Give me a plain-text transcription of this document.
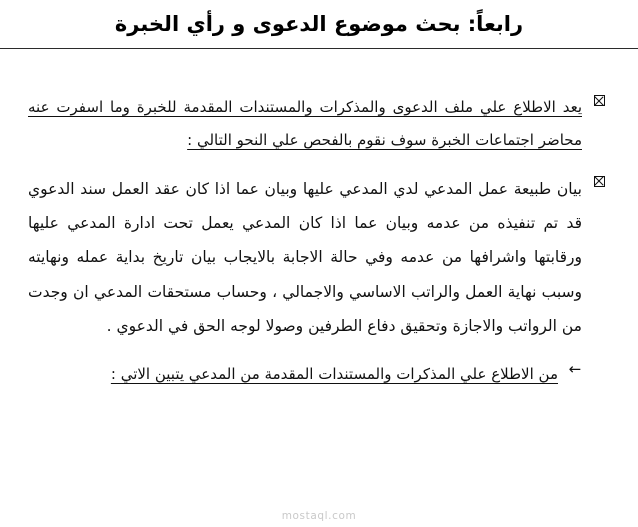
رابعاً: بحث موضوع الدعوى و رأي الخبرة
يعد الاطلاع علي ملف الدعوى والمذكرات والمستندات المقدمة للخبرة وما اسفرت عنه محاضر اجتماعات الخبرة سوف نقوم بالفحص علي النحو التالي :
بيان طبيعة عمل المدعي لدي المدعي عليها وبيان عما اذا كان عقد العمل سند الدعوي قد تم تنفيذه من عدمه وبيان عما اذا كان المدعي يعمل تحت ادارة المدعي عليها ورقابتها واشرافها من عدمه وفي حالة الاجابة بالايجاب بيان تاريخ بداية عمله ونهايته وسبب نهاية العمل والراتب الاساسي والاجمالي ، وحساب مستحقات المدعي ان وجدت من الرواتب والاجازة وتحقيق دفاع الطرفين وصولا لوجه الحق في الدعوي .
←
من الاطلاع علي المذكرات والمستندات المقدمة من المدعي يتبين الاتي :
mostaql.com
